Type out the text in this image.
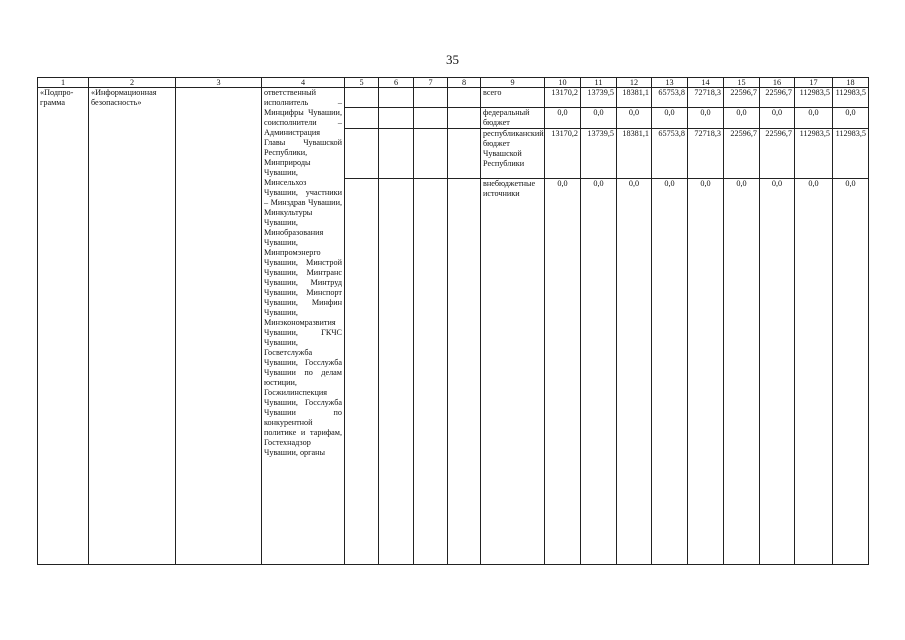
35
1	2	3	4	5	6	7	8	9	10	11	12	13	14	15	16	17	18
«Подпро-грамма	«Информационная безопасность»		ответственный исполнитель – Минцифры Чувашии, соисполнители – Администрация Главы Чувашской Республики, Минприроды Чувашии, Минсельхоз Чувашии, участники – Минздрав Чувашии, Минкультуры Чувашии, Минобразования Чувашии, Минпромэнерго Чувашии, Минстрой Чувашии, Минтранс Чувашии, Минтруд Чувашии, Минспорт Чувашии, Минфин Чувашии, Минэкономразвития Чувашии, ГКЧС Чувашии, Госветслужба Чувашии, Госслужба Чувашии по делам юстиции, Госжилинспекция Чувашии, Госслужба Чувашии по конкурентной политике и тарифам, Гостехнадзор Чувашии, органы					всего	13170,2	13739,5	18381,1	65753,8	72718,3	22596,7	22596,7	112983,5	112983,5
								федеральный бюджет	0,0	0,0	0,0	0,0	0,0	0,0	0,0	0,0	0,0
								республиканский бюджет Чувашской Республики	13170,2	13739,5	18381,1	65753,8	72718,3	22596,7	22596,7	112983,5	112983,5
								внебюджетные источники	0,0	0,0	0,0	0,0	0,0	0,0	0,0	0,0	0,0
